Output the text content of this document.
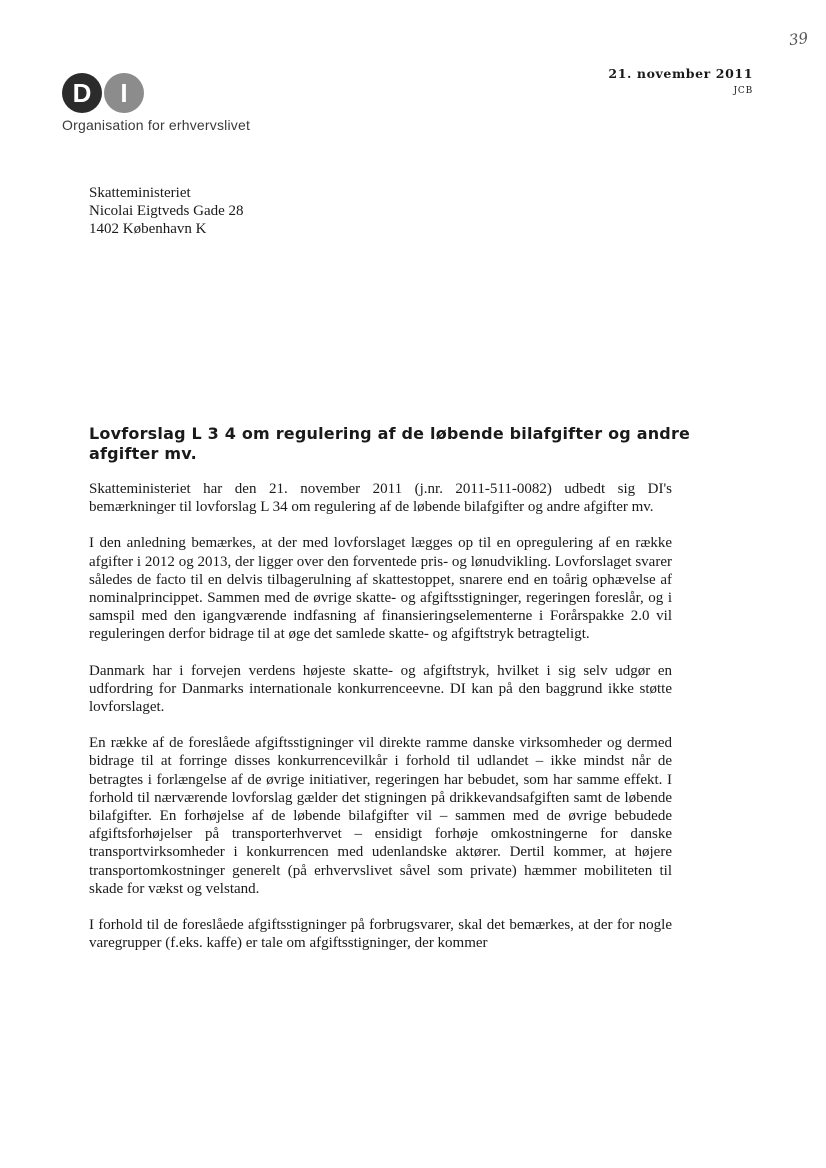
39
D	I
Organisation for erhvervslivet
21. november 2011
JCB
Skatteministeriet
Nicolai Eigtveds Gade 28
1402 København K
Lovforslag L 3 4 om regulering af de løbende bilafgifter og andre afgifter mv.

Skatteministeriet har den 21. november 2011 (j.nr. 2011-511-0082) udbedt sig DI's bemærkninger til lovforslag L 34 om regulering af de løbende bilafgifter og andre afgifter mv.

I den anledning bemærkes, at der med lovforslaget lægges op til en opregulering af en række afgifter i 2012 og 2013, der ligger over den forventede pris- og lønudvikling. Lovforslaget svarer således de facto til en delvis tilbagerulning af skattestoppet, snarere end en toårig ophævelse af nominalprincippet. Sammen med de øvrige skatte- og afgiftsstigninger, regeringen foreslår, og i samspil med den igangværende indfasning af finansieringselementerne i Forårspakke 2.0 vil reguleringen derfor bidrage til at øge det samlede skatte- og afgiftstryk betragteligt.

Danmark har i forvejen verdens højeste skatte- og afgiftstryk, hvilket i sig selv udgør en udfordring for Danmarks internationale konkurrenceevne. DI kan på den baggrund ikke støtte lovforslaget.

En række af de foreslåede afgiftsstigninger vil direkte ramme danske virksomheder og dermed bidrage til at forringe disses konkurrencevilkår i forhold til udlandet – ikke mindst når de betragtes i forlængelse af de øvrige initiativer, regeringen har bebudet, som har samme effekt. I forhold til nærværende lovforslag gælder det stigningen på drikkevandsafgiften samt de løbende bilafgifter. En forhøjelse af de løbende bilafgifter vil – sammen med de øvrige bebudede afgiftsforhøjelser på transporterhvervet – ensidigt forhøje omkostningerne for danske transportvirksomheder i konkurrencen med udenlandske aktører. Dertil kommer, at højere transportomkostninger generelt (på erhvervslivet såvel som private) hæmmer mobiliteten til skade for vækst og velstand.

I forhold til de foreslåede afgiftsstigninger på forbrugsvarer, skal det bemærkes, at der for nogle varegrupper (f.eks. kaffe) er tale om afgiftsstigninger, der kommer
